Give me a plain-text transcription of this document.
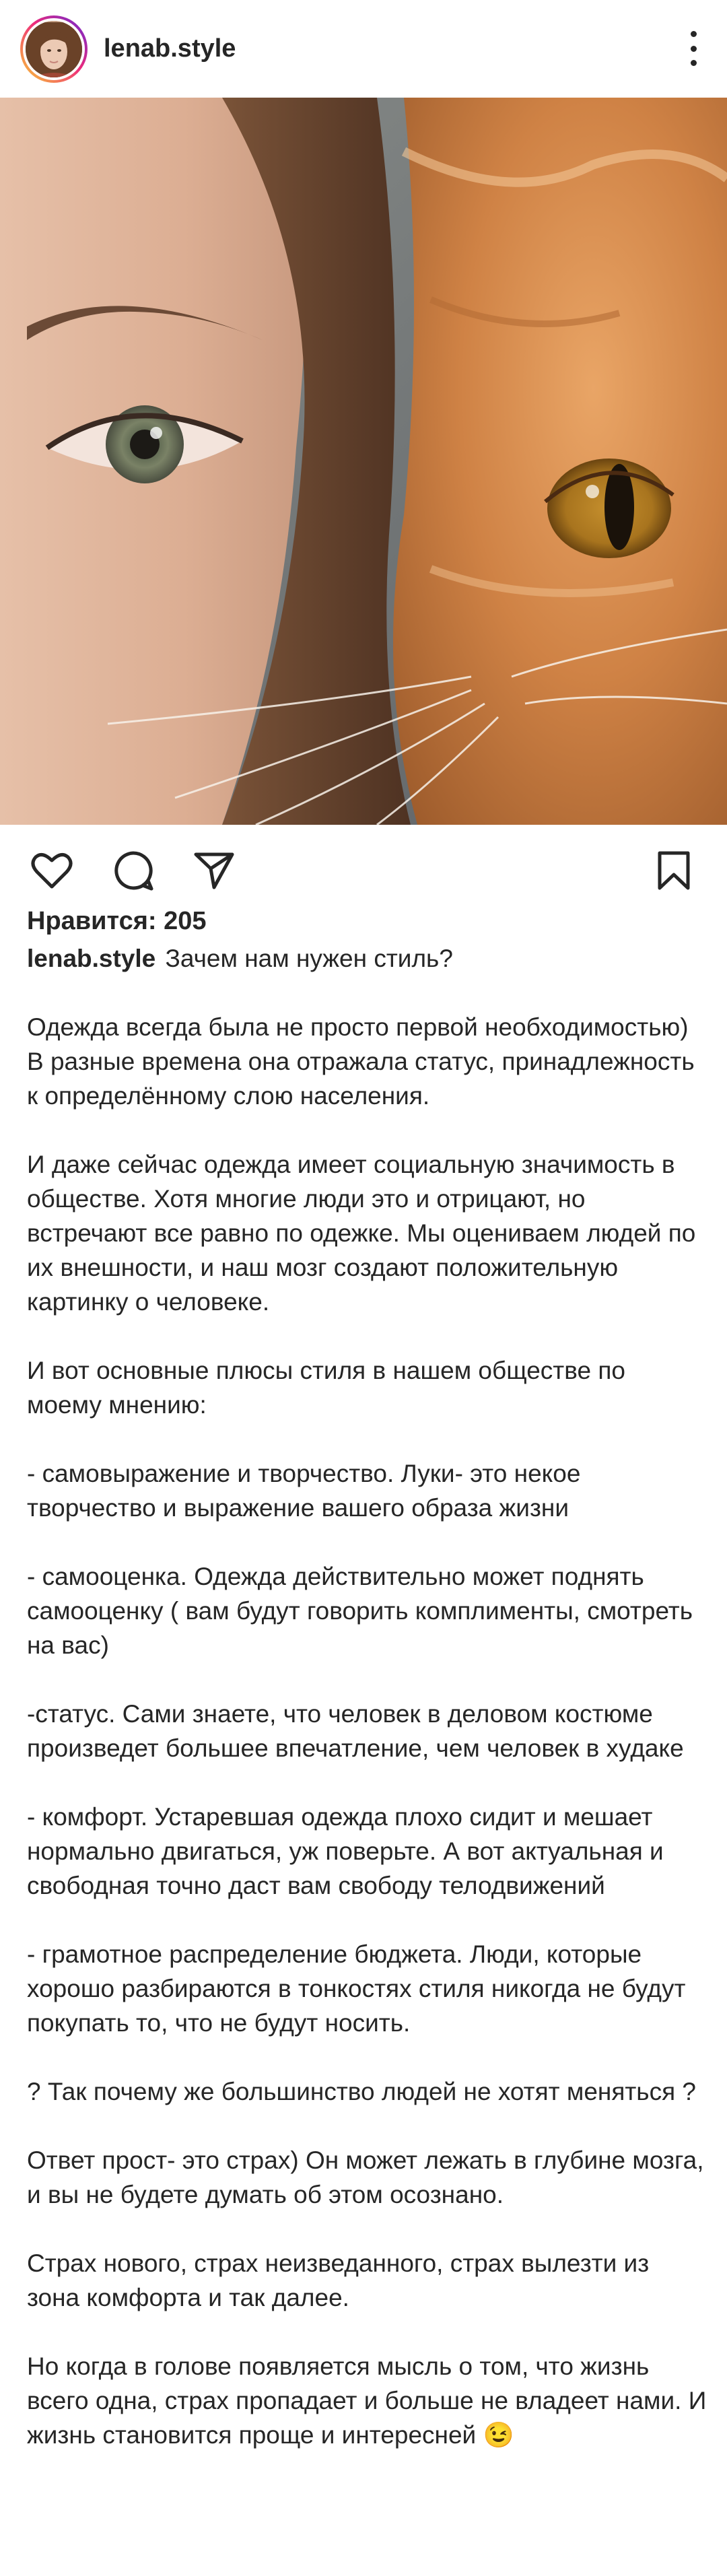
lenab.style
Нравится: 205

lenab.style Зачем нам нужен стиль?

Одежда всегда была не просто первой необходимостью) В разные времена она отражала статус, принадлежность к определённому слою населения.

И даже сейчас одежда имеет социальную значимость в обществе. Хотя многие люди это и отрицают, но встречают все равно по одежке. Мы оцениваем людей по их внешности, и наш мозг создают положительную картинку о человеке.

И вот основные плюсы стиля в нашем обществе по моему мнению:

- самовыражение и творчество. Луки- это некое творчество и выражение вашего образа жизни

- самооценка. Одежда действительно может поднять самооценку ( вам будут говорить комплименты, смотреть на вас)

-статус. Сами знаете, что человек в деловом костюме произведет большее впечатление, чем человек в худаке

- комфорт. Устаревшая одежда плохо сидит и мешает нормально двигаться, уж поверьте. А вот актуальная и свободная точно даст вам свободу телодвижений

- грамотное распределение бюджета. Люди, которые хорошо разбираются в тонкостях стиля никогда не будут покупать то, что не будут носить.

? Так почему же большинство людей не хотят меняться ?

Ответ прост- это страх) Он может лежать в глубине мозга, и вы не будете думать об этом осознано.

Страх нового, страх неизведанного, страх вылезти из зона комфорта и так далее.

Но когда в голове появляется мысль о том, что жизнь всего одна, страх пропадает и больше не владеет нами. И жизнь становится проще и интересней 😉
